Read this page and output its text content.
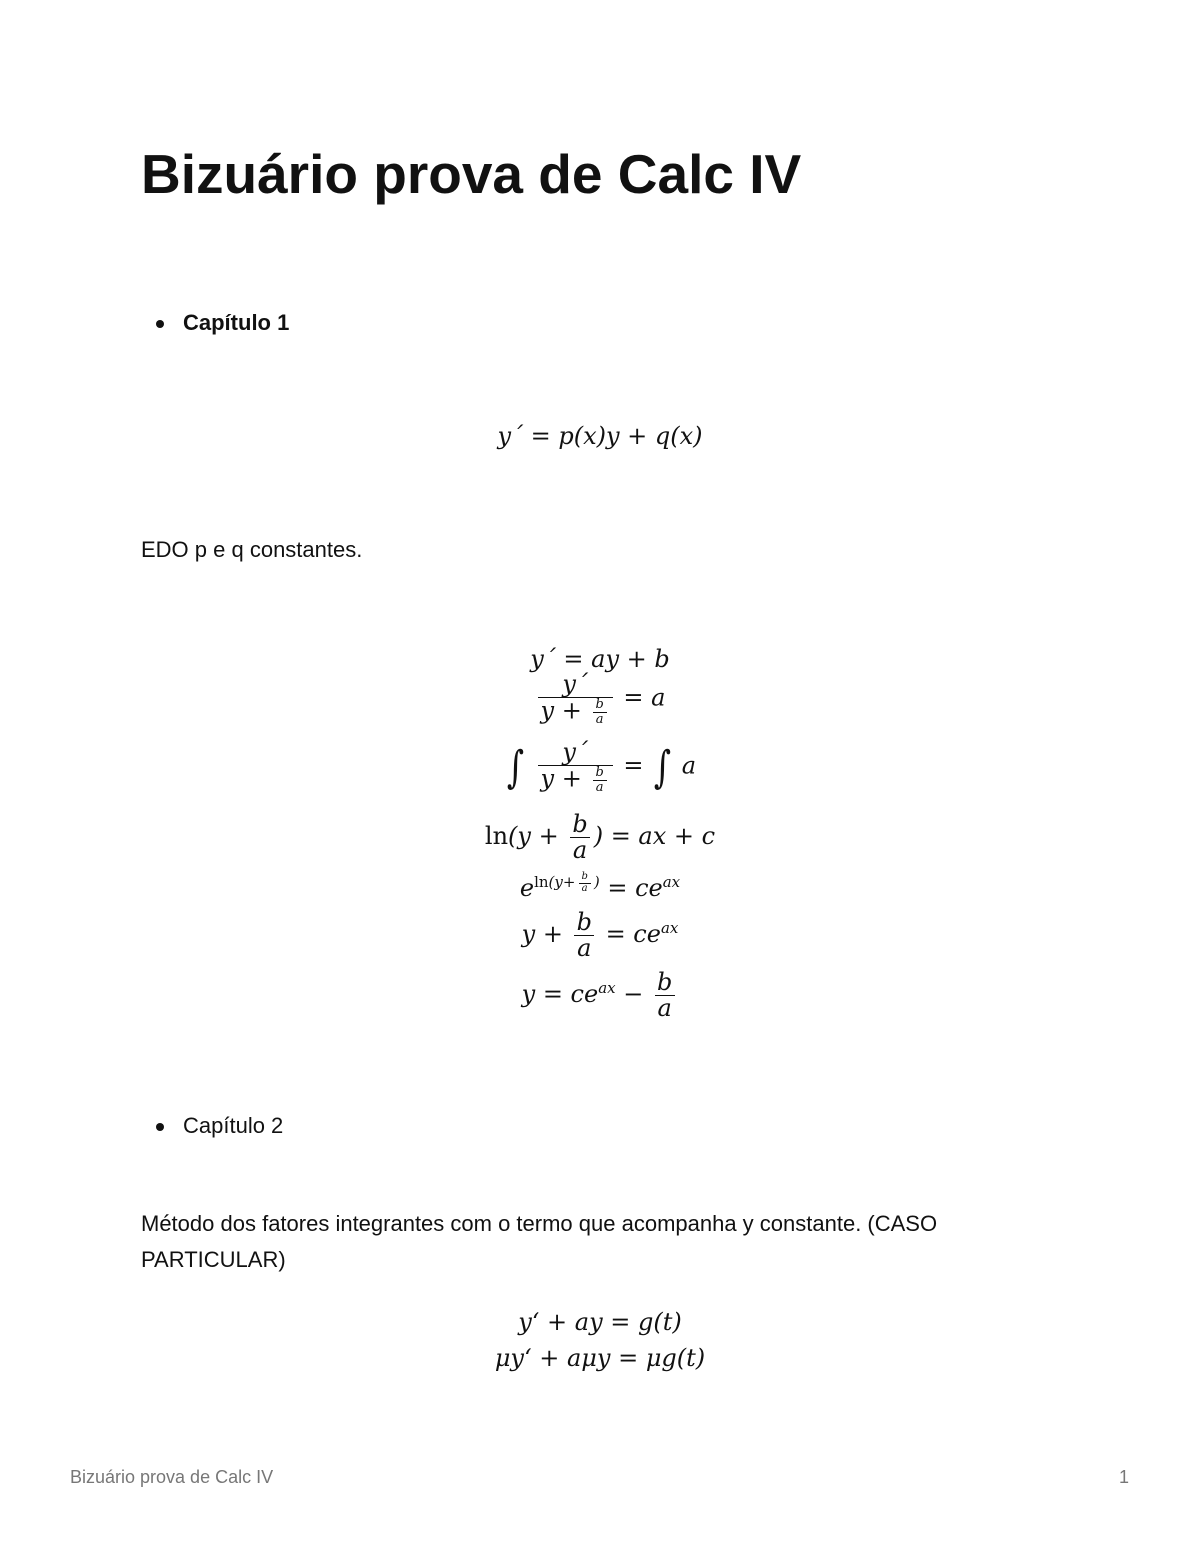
Bizuário prova de Calc IV
Capítulo 1
y´ = p(x)y + q(x)
EDO p e q constantes.
y´ = ay + b
$\frac{y´}{y + \frac{b}{a}} = a$
∫ $\frac{y´}{y + \frac{b}{a}}$ = ∫ a
$\ln(y + \frac{b}{a}$ ) = ax + c
$e^{ln(y+ \frac{b}{a} )} = ce^{ax}$
$y + \frac{b}{a} = ce^{ax}$
$y = ce^{ax} - \frac{b}{a}$
Capítulo 2
Método dos fatores integrantes com o termo que acompanha y constante. (CASO PARTICULAR)
y‘ + ay = g(t)
μy‘ + aμy = μg(t)
Bizuário prova de Calc IV	1
